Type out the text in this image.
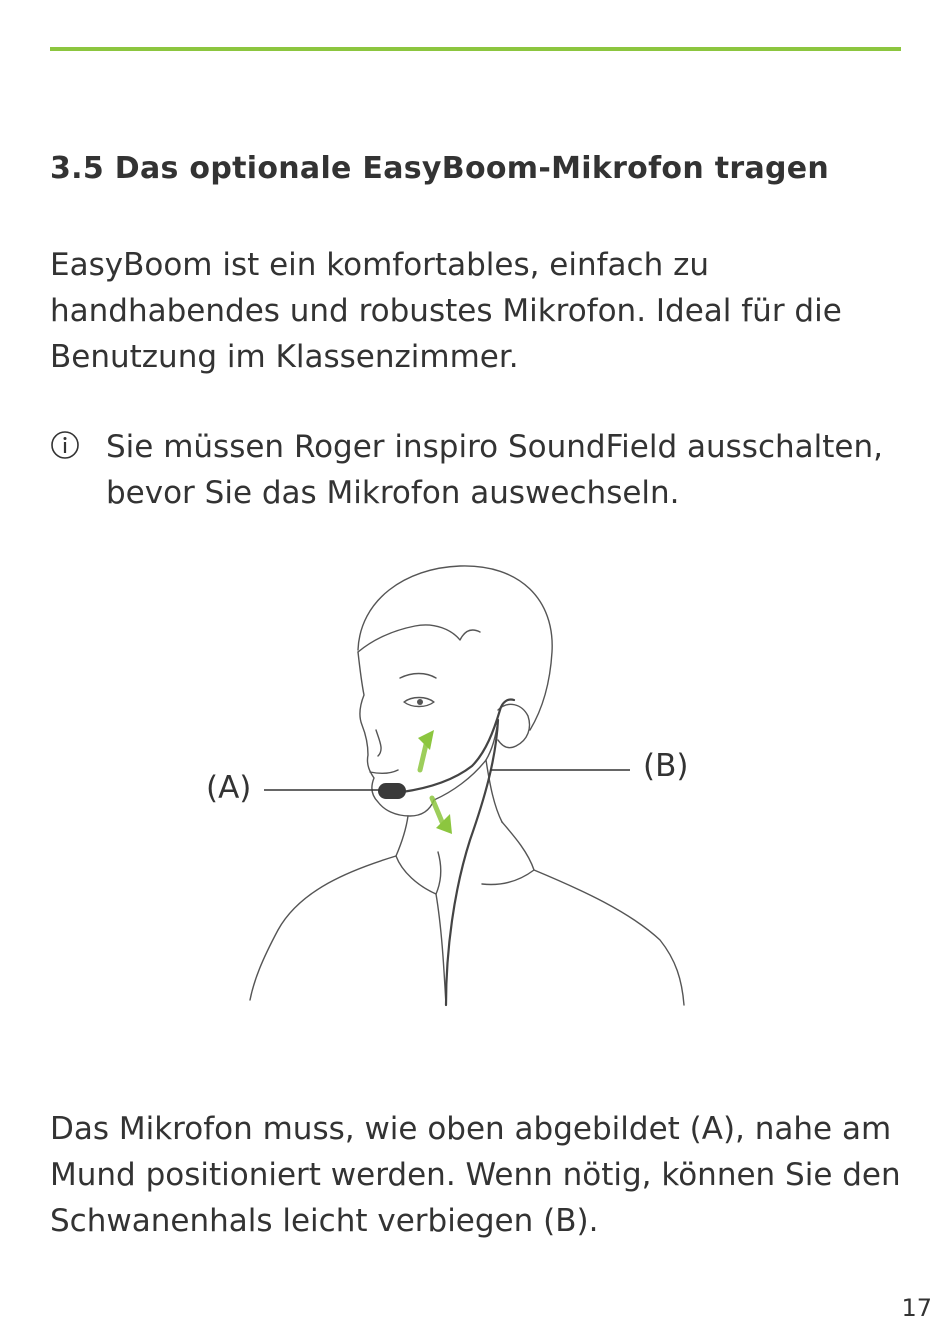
3.5 Das optionale EasyBoom-Mikrofon tragen

EasyBoom ist ein komfortables, einfach zu handhabendes und robustes Mikrofon. Ideal für die Benutzung im Klassenzimmer.

Sie müssen Roger inspiro SoundField ausschalten, bevor Sie das Mikrofon auswechseln.

(A)
(B)

Das Mikrofon muss, wie oben abgebildet (A), nahe am Mund positioniert werden. Wenn nötig, können Sie den Schwanenhals leicht verbiegen (B).

17
